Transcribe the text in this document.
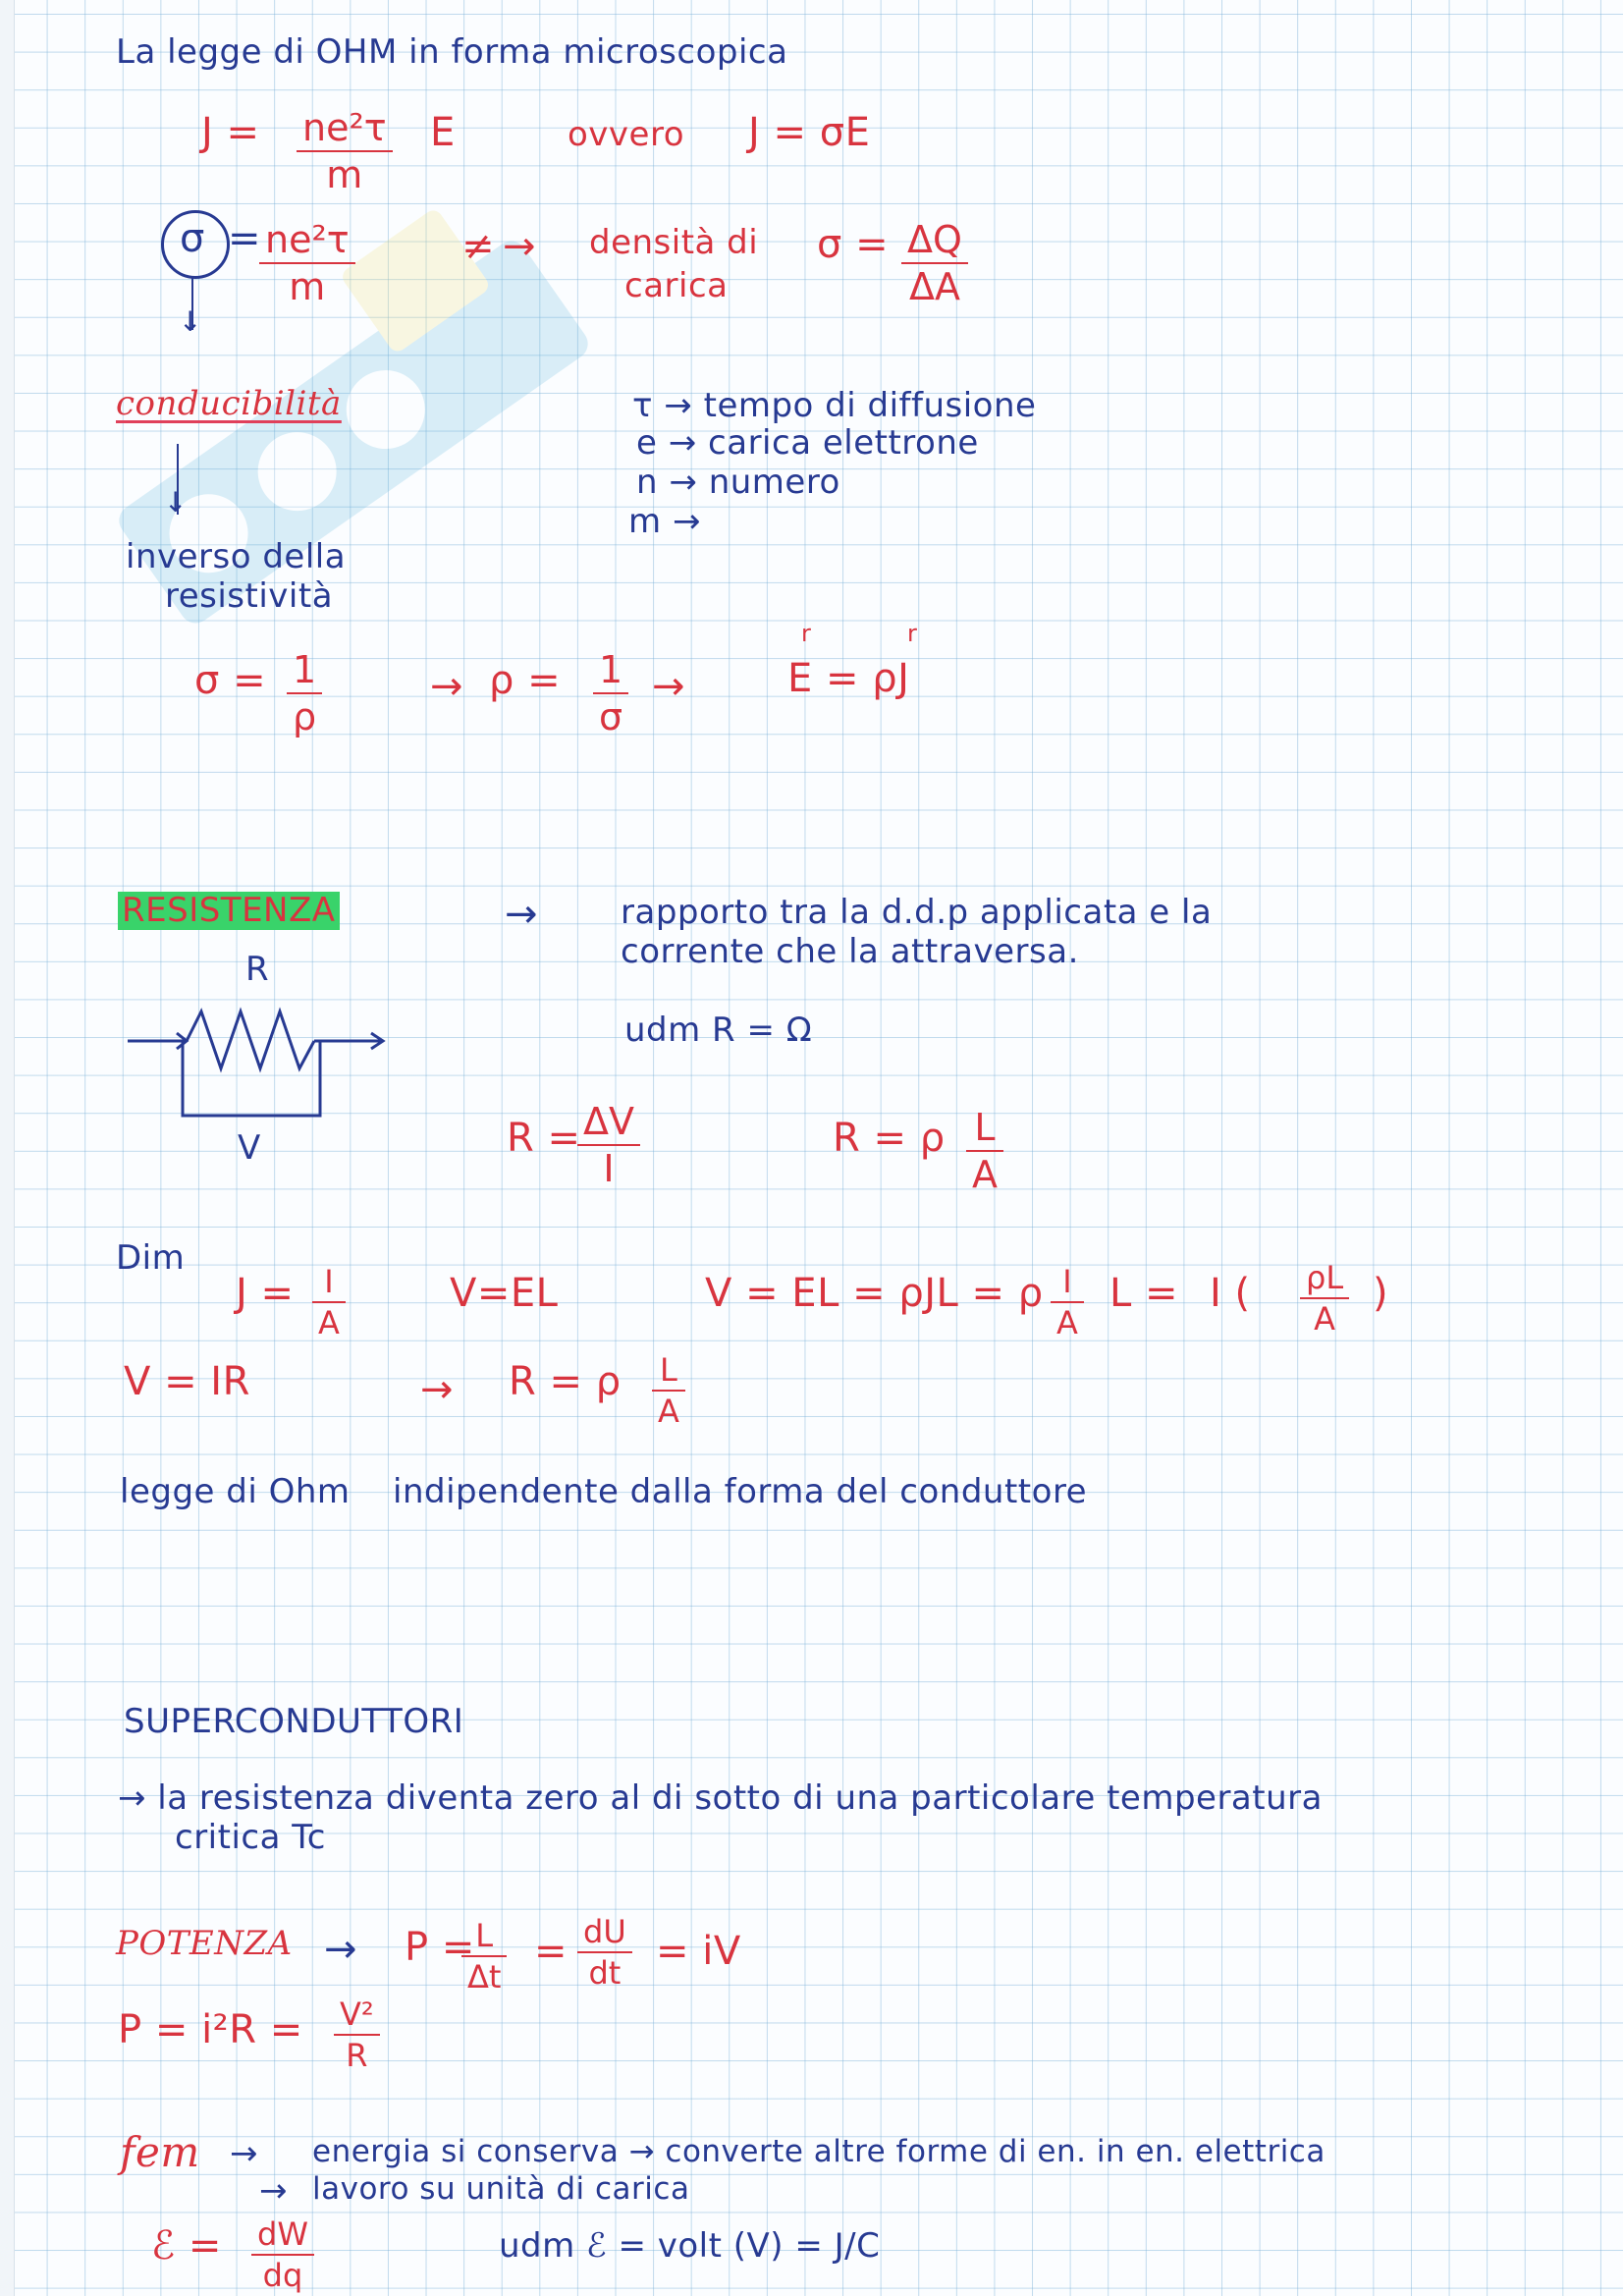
La legge di OHM in forma microscopica
J = ne²τ
m
E	ovvero J = σE
σ = ne²τ
m
≠ → densità di
carica
σ = ΔQ
ΔA
↓
conducibilità	τ → tempo di diffusione
e → carica elettrone
n → numero
m →
↓
inverso della
resistività
σ = 1
ρ
→ ρ = 1
σ
→
r	r
E = ρJ
RESISTENZA	→ rapporto tra la d.d.p applicata e la
corrente che la attraversa.
R
V
udm R = Ω
R = ΔV
I
R = ρ L
A
Dim
J = I
A
V=EL	V = EL = ρJL = ρ I
A
L = I ( ρL
A
)
V = IR	→ R = ρ L
A
legge di Ohm indipendente dalla forma del conduttore
SUPERCONDUTTORI
→ la resistenza diventa zero al di sotto di una particolare temperatura
critica Tc
POTENZA → P = L
Δt
= dU
dt = iV
P = i²R = V²
R
fem → energia si conserva → converte altre forme di en. in en. elettrica
→ lavoro su unità di carica
ℰ = dW
dq
udm ℰ = volt (V) = J/C
